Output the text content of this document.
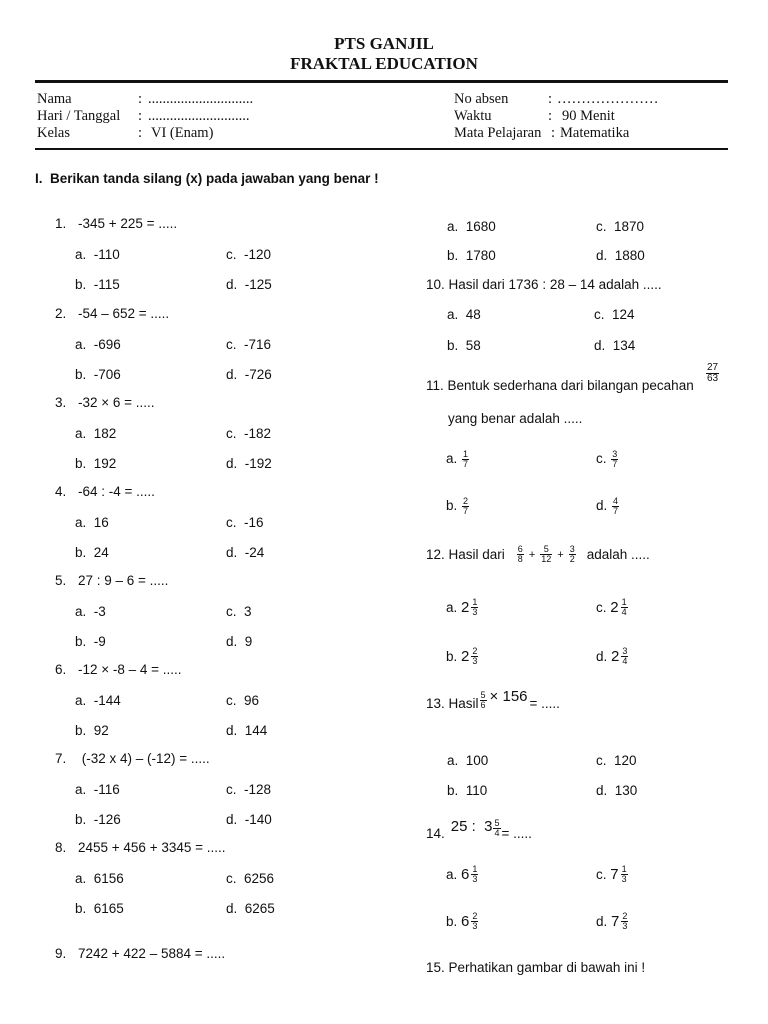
PTS GANJIL
FRAKTAL EDUCATION
Nama	: .............................
Hari / Tanggal : ............................
Kelas	: VI (Enam)
No absen	: …………………
Waktu	: 90 Menit
Mata Pelajaran : Matematika
I.  Berikan tanda silang (x) pada jawaban yang benar !
1. -345 + 225 = .....
a.  -110	c.  -120
b.  -115	d.  -125
2. -54 – 652 = .....
a.  -696	c.  -716
b.  -706	d.  -726
3. -32 × 6 = .....
a.  182	c.  -182
b.  192	d.  -192
4. -64 : -4 = .....
a.  16	c.  -16
b.  24	d.  -24
5. 27 : 9 – 6 = .....
a.  -3	c.  3
b.  -9	d.  9
6. -12 × -8 – 4 = .....
a.  -144	c.  96
b.  92	d.  144
7. (-32 x 4) – (-12) = .....
a.  -116	c.  -128
b.  -126	d.  -140
8. 2455 + 456 + 3345 = .....
a.  6156	c.  6256
b.  6165	d.  6265
9. 7242 + 422 – 5884 = .....
a.  1680	c.  1870
b.  1780	d.  1880
10. Hasil dari 1736 : 28 – 14 adalah .....
a.  48	c.  124
b.  58	d.  134
11. Bentuk sederhana dari bilangan pecahan
$\frac{27}{63}$
yang benar adalah .....
a. $\frac{1}{7}$	c. $\frac{3}{7}$
b. $\frac{2}{7}$	d. $\frac{4}{7}$
12. Hasil dari $\frac{6}{8} + \frac{5}{12} + \frac{3}{2}$ adalah .....
a. $2 \frac{1}{3}$	c. $2 \frac{1}{4}$
b. $2 \frac{2}{3}$	d. $2 \frac{3}{4}$
13. Hasil $\frac{5}{6} \times 156$ = .....
a.  100	c.  120
b.  110	d.  130
14. 25 :  $3 \frac{5}{4}$ = .....
a. $6 \frac{1}{3}$	c. $7 \frac{1}{3}$
b. $6 \frac{2}{3}$	d. $7 \frac{2}{3}$
15. Perhatikan gambar di bawah ini !
